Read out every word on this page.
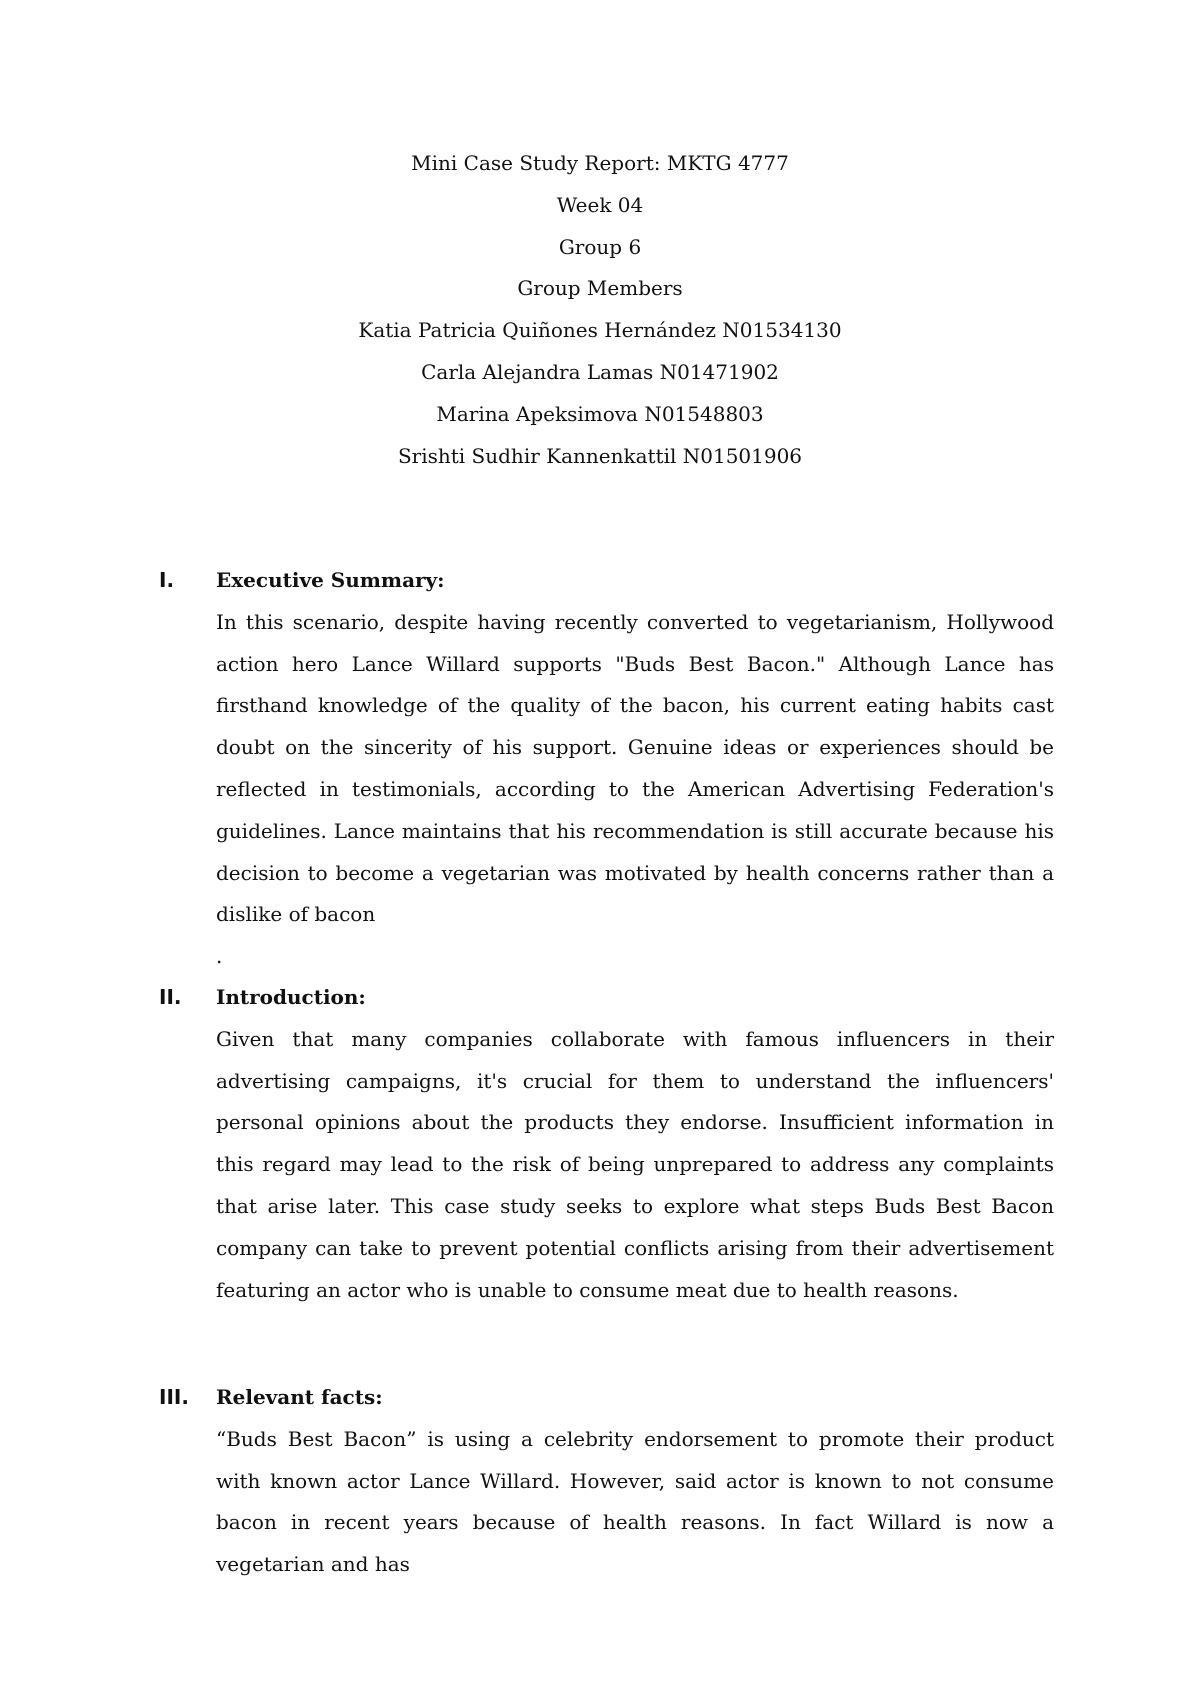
Mini Case Study Report: MKTG 4777
Week 04
Group 6
Group Members
Katia Patricia Quiñones Hernández N01534130
Carla Alejandra Lamas N01471902
Marina Apeksimova N01548803
Srishti Sudhir Kannenkattil N01501906
I. Executive Summary:

In this scenario, despite having recently converted to vegetarianism, Hollywood action hero Lance Willard supports "Buds Best Bacon." Although Lance has firsthand knowledge of the quality of the bacon, his current eating habits cast doubt on the sincerity of his support. Genuine ideas or experiences should be reflected in testimonials, according to the American Advertising Federation's guidelines. Lance maintains that his recommendation is still accurate because his decision to become a vegetarian was motivated by health concerns rather than a dislike of bacon

.
II. Introduction:

Given that many companies collaborate with famous influencers in their advertising campaigns, it's crucial for them to understand the influencers' personal opinions about the products they endorse. Insufficient information in this regard may lead to the risk of being unprepared to address any complaints that arise later. This case study seeks to explore what steps Buds Best Bacon company can take to prevent potential conflicts arising from their advertisement featuring an actor who is unable to consume meat due to health reasons.

III. Relevant facts:

“Buds Best Bacon” is using a celebrity endorsement to promote their product with known actor Lance Willard. However, said actor is known to not consume bacon in recent years because of health reasons. In fact Willard is now a vegetarian and has
